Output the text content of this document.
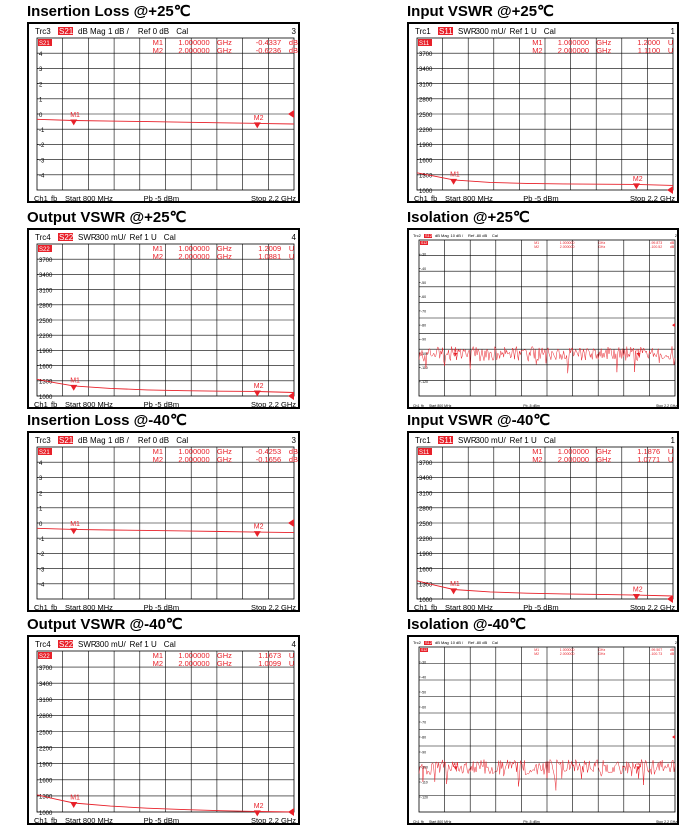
Insertion Loss @+25℃
Trc3 S21 dB Mag 1 dB / Ref 0 dB Cal	3
4
3
2
1
0
-1
-2
-3
-4
S21	M1 1.000000 GHz	-0.4337 dB
M2 2.000000 GHz	-0.6236 dB
M1	M2
Ch1 fb Start 800 MHz	Pb -5 dBm	Stop 2.2 GHz
Input VSWR @+25℃
Trc1 S11 SWR
300 mU/ Ref 1 U Cal	1
3700
3400
3100
2800
2500
2200
1900
1600
1300
1000
S11	M1 1.000000 GHz	1.2000 U
M2 2.000000 GHz	1.1100 U
M1
M2
Ch1 fb Start 800 MHz	Pb -5 dBm	Stop 2.2 GHz
Output VSWR @+25℃
Trc4 S22 SWR
300 mU/ Ref 1 U Cal	4
3700
3400
3100
2800
2500
2200
1900
1600
1300
1000
S22	M1 1.000000 GHz	1.2009 U
M2 2.000000 GHz	1.0881 U
M1
M2
Ch1 fb Start 800 MHz	Pb -5 dBm	Stop 2.2 GHz
Isolation @+25℃
Trc2 S12 dB Mag 10 dB / Ref -80 dB Cal	2
-30
-40
-50
-60
-70
-80
-90
-100
-110
-120
S12	M1	1.000000	GHz	-99.873 dB
M2	2.000000	GHz	-100.52 dB
M1	M2
Ch1 fb Start 800 MHz	Pb -5 dBm	Stop 2.2 GHz
Insertion Loss @-40℃
Trc3 S21 dB Mag 1 dB / Ref 0 dB Cal	3
4
3
2
1
0
-1
-2
-3
-4
S21	M1 1.000000 GHz	-0.4253 dB
M2 2.000000 GHz	-0.1656 dB
M1	M2
Ch1 fb Start 800 MHz	Pb -5 dBm	Stop 2.2 GHz
Input VSWR @-40℃
Trc1 S11 SWR
300 mU/ Ref 1 U Cal	1
3700
3400
3100
2800
2500
2200
1900
1600
1300
1000
S11	M1 1.000000 GHz	1.1876 U
M2 2.000000 GHz	1.0771 U
M1
M2
Ch1 fb Start 800 MHz	Pb -5 dBm	Stop 2.2 GHz
Output VSWR @-40℃
Trc4 S22 SWR
300 mU/ Ref 1 U Cal	4
3700
3400
3100
2800
2500
2200
1900
1600
1300
1000
S22	M1 1.000000 GHz	1.1673 U
M2 2.000000 GHz	1.0099 U
M1
M2
Ch1 fb Start 800 MHz	Pb -5 dBm	Stop 2.2 GHz
Isolation @-40℃
Trc2 S12 dB Mag 10 dB / Ref -80 dB Cal	2
-30
-40
-50
-60
-70
-80
-90
-100
-110
-120
S12	M1	1.000000	GHz	-99.507 dB
M2	2.000000	GHz	-100.73 dB
M1	M2
Ch1 fb Start 800 MHz	Pb -5 dBm	Stop 2.2 GHz
